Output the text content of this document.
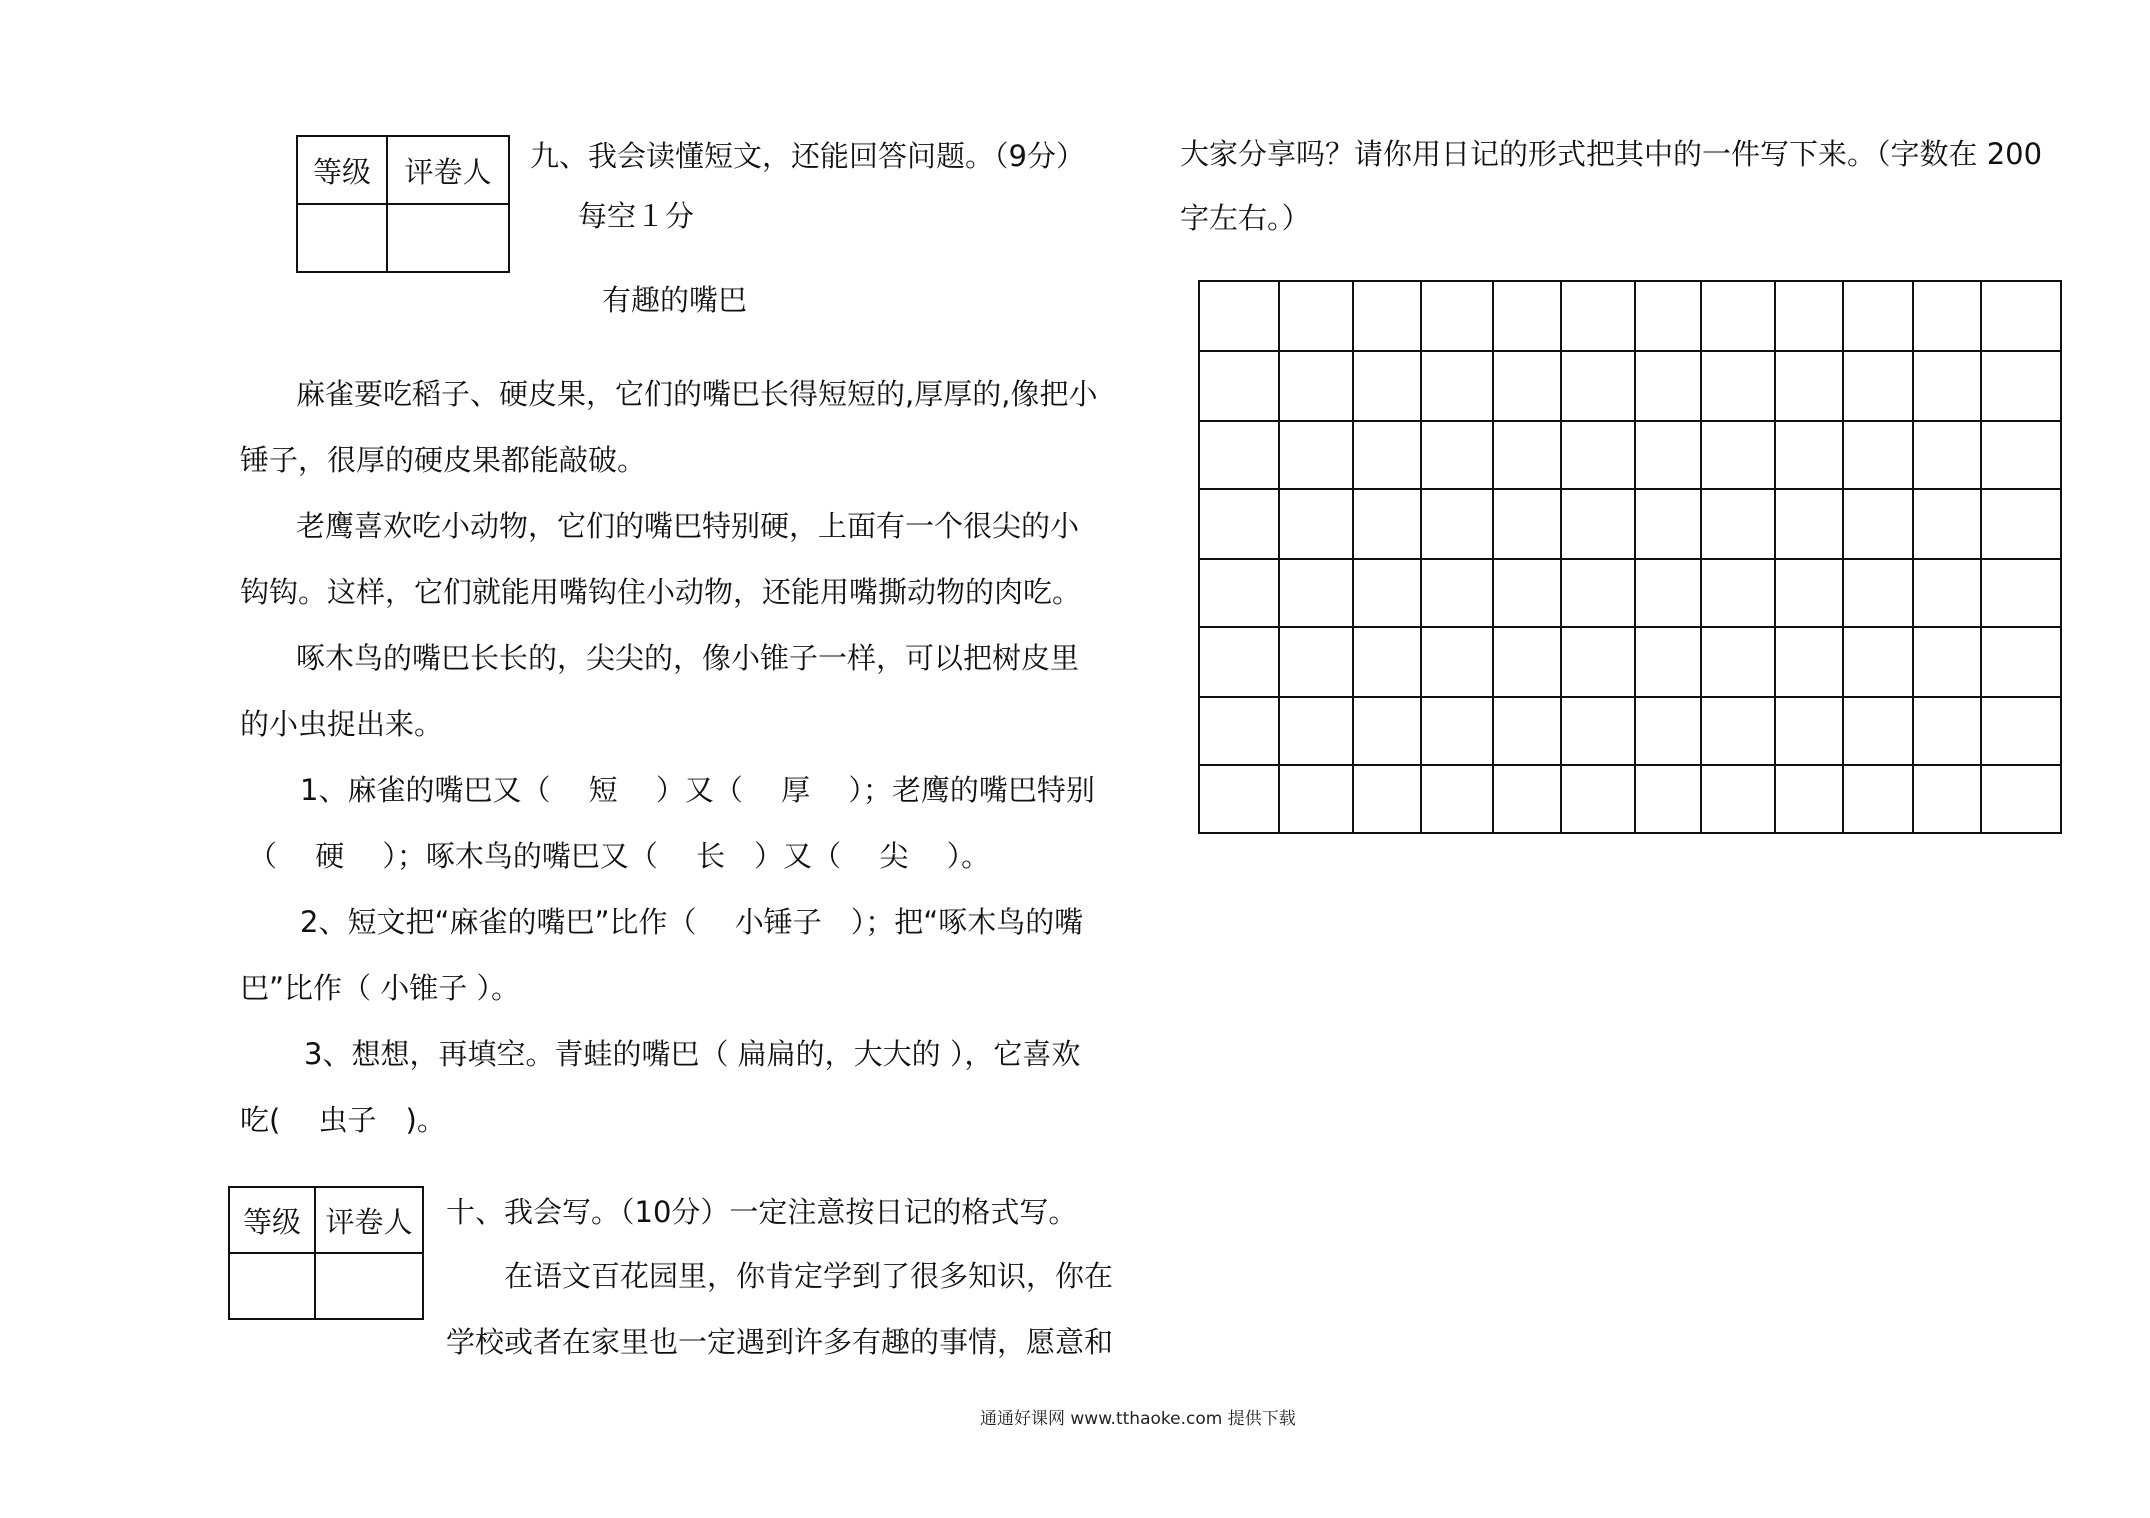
等级	评卷人
	九、我会读懂短文，还能回答问题。（9分）
每空１分
有趣的嘴巴
麻雀要吃稻子、硬皮果，它们的嘴巴长得短短的,厚厚的,像把小
锤子，很厚的硬皮果都能敲破。
老鹰喜欢吃小动物，它们的嘴巴特别硬，上面有一个很尖的小
钩钩。这样，它们就能用嘴钩住小动物，还能用嘴撕动物的肉吃。
啄木鸟的嘴巴长长的，尖尖的，像小锥子一样，可以把树皮里
的小虫捉出来。
1、麻雀的嘴巴又（　 短　 ）又（　 厚　 ）；老鹰的嘴巴特别
（　 硬　 ）；啄木鸟的嘴巴又（　 长　）又（　 尖　 ）。
2、短文把“麻雀的嘴巴”比作（　 小锤子　）；把“啄木鸟的嘴
巴”比作（ 小锥子 ）。
3、想想，再填空。青蛙的嘴巴（ 扁扁的，大大的 ），它喜欢
吃(　 虫子　)。
等级	评卷人
	十、我会写。（10分）一定注意按日记的格式写。
在语文百花园里，你肯定学到了很多知识，你在
学校或者在家里也一定遇到许多有趣的事情，愿意和
大家分享吗？请你用日记的形式把其中的一件写下来。（字数在 200
字左右。）
通通好课网 www.tthaoke.com 提供下载
